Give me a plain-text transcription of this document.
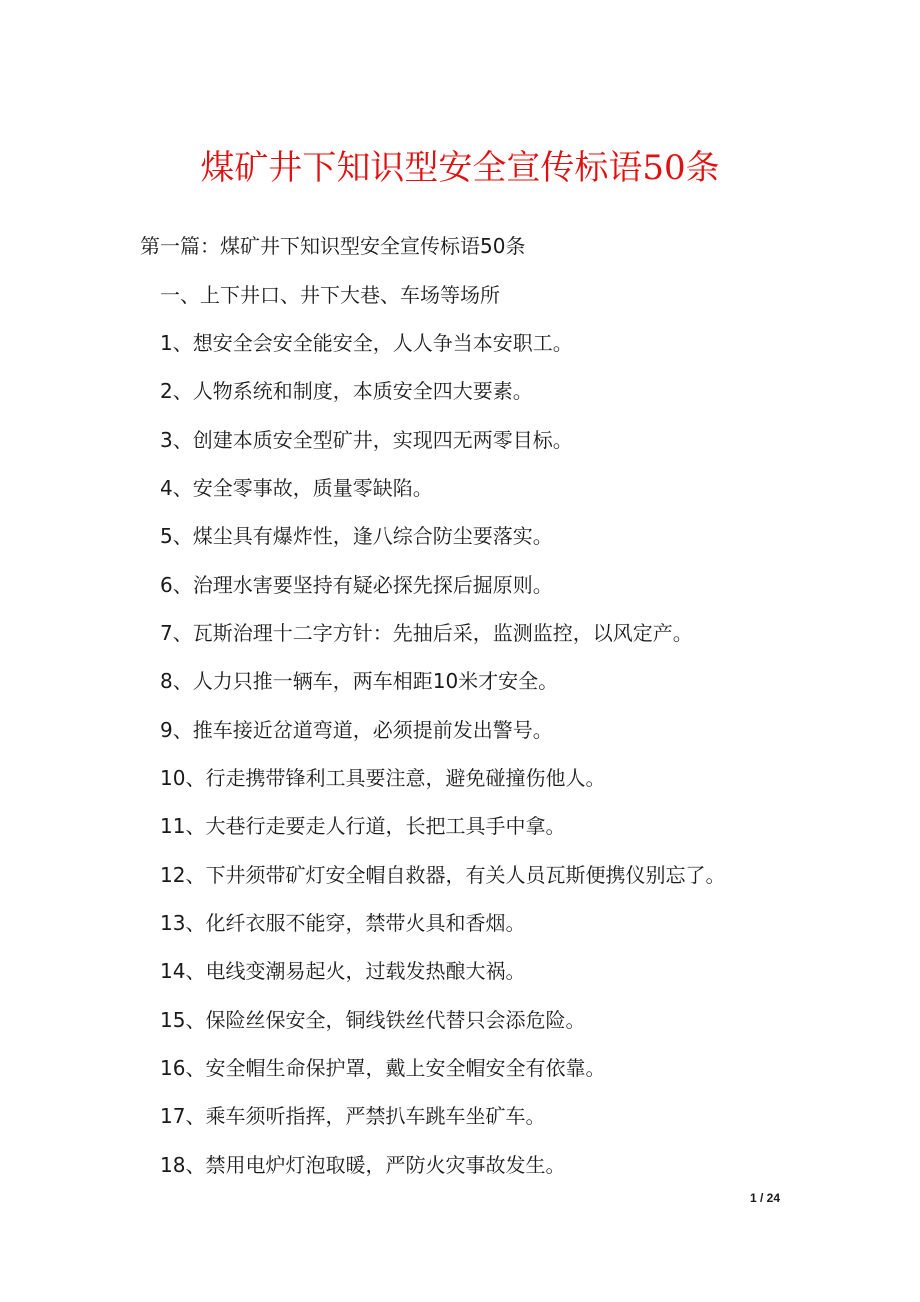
煤矿井下知识型安全宣传标语50条
第一篇：煤矿井下知识型安全宣传标语50条
一、上下井口、井下大巷、车场等场所
1、想安全会安全能安全，人人争当本安职工。
2、人物系统和制度，本质安全四大要素。
3、创建本质安全型矿井，实现四无两零目标。
4、安全零事故，质量零缺陷。
5、煤尘具有爆炸性，逢八综合防尘要落实。
6、治理水害要坚持有疑必探先探后掘原则。
7、瓦斯治理十二字方针：先抽后采，监测监控，以风定产。
8、人力只推一辆车，两车相距10米才安全。
9、推车接近岔道弯道，必须提前发出警号。
10、行走携带锋利工具要注意，避免碰撞伤他人。
11、大巷行走要走人行道，长把工具手中拿。
12、下井须带矿灯安全帽自救器，有关人员瓦斯便携仪别忘了。
13、化纤衣服不能穿，禁带火具和香烟。
14、电线变潮易起火，过载发热酿大祸。
15、保险丝保安全，铜线铁丝代替只会添危险。
16、安全帽生命保护罩，戴上安全帽安全有依靠。
17、乘车须听指挥，严禁扒车跳车坐矿车。
18、禁用电炉灯泡取暖，严防火灾事故发生。
1 / 24
